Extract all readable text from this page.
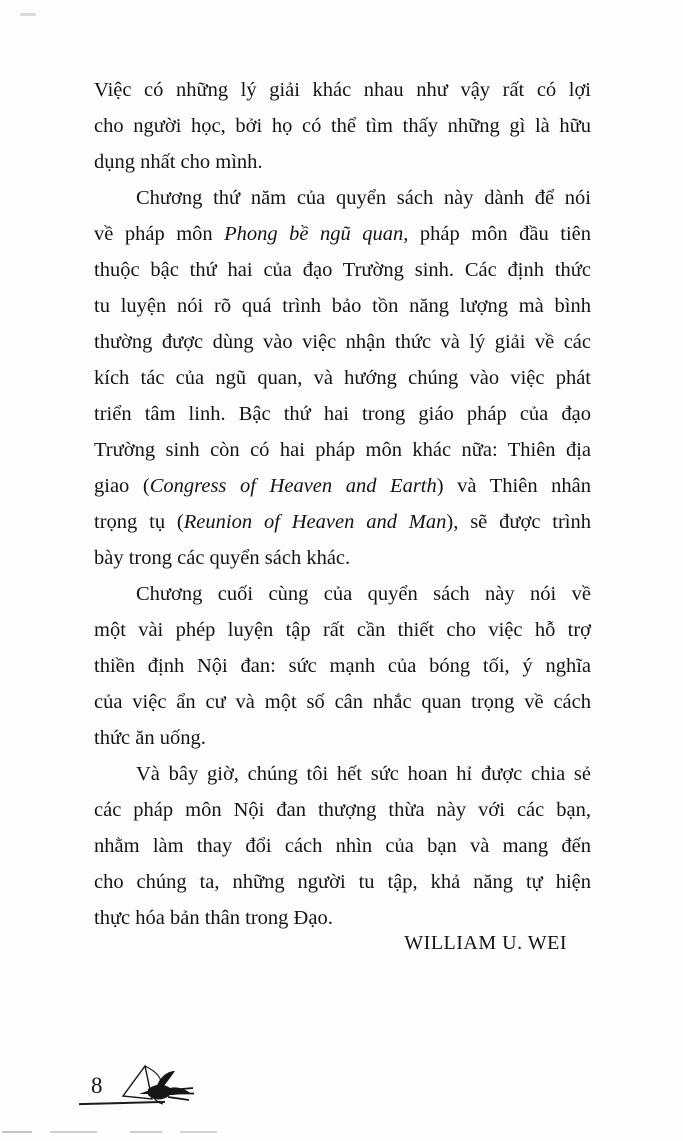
Việc có những lý giải khác nhau như vậy rất có lợi
cho người học, bởi họ có thể tìm thấy những gì là hữu
dụng nhất cho mình.
Chương thứ năm của quyển sách này dành để nói
về pháp môn Phong bề ngũ quan, pháp môn đầu tiên
thuộc bậc thứ hai của đạo Trường sinh. Các định thức
tu luyện nói rõ quá trình bảo tồn năng lượng mà bình
thường được dùng vào việc nhận thức và lý giải về các
kích tác của ngũ quan, và hướng chúng vào việc phát
triển tâm linh. Bậc thứ hai trong giáo pháp của đạo
Trường sinh còn có hai pháp môn khác nữa: Thiên địa
giao (Congress of Heaven and Earth) và Thiên nhân
trọng tụ (Reunion of Heaven and Man), sẽ được trình
bày trong các quyển sách khác.
Chương cuối cùng của quyển sách này nói về
một vài phép luyện tập rất cần thiết cho việc hỗ trợ
thiền định Nội đan: sức mạnh của bóng tối, ý nghĩa
của việc ẩn cư và một số cân nhắc quan trọng về cách
thức ăn uống.
Và bây giờ, chúng tôi hết sức hoan hỉ được chia sẻ
các pháp môn Nội đan thượng thừa này với các bạn,
nhằm làm thay đổi cách nhìn của bạn và mang đến
cho chúng ta, những người tu tập, khả năng tự hiện
thực hóa bản thân trong Đạo.
WILLIAM U. WEI
8
